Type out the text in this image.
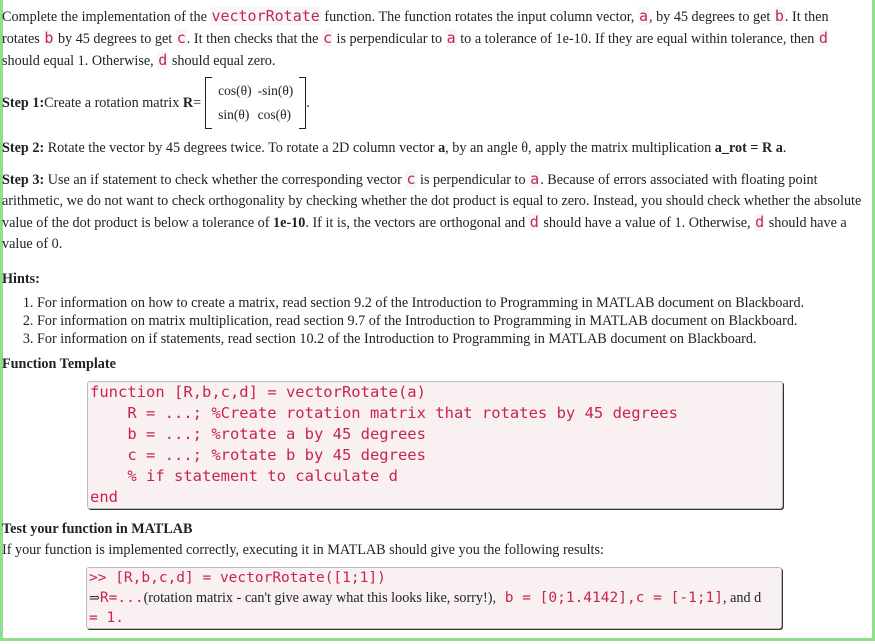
Complete the implementation of the vectorRotate function. The function rotates the input column vector, a, by 45 degrees to get b. It then rotates b by 45 degrees to get c. It then checks that the c is perpendicular to a to a tolerance of 1e-10. If they are equal within tolerance, then d should equal 1. Otherwise, d should equal zero.

Step 1: Create a rotation matrix
R =
cos(θ)	-sin(θ)
sin(θ)	cos(θ)
.

Step 2: Rotate the vector by 45 degrees twice. To rotate a 2D column vector a, by an angle θ, apply the matrix multiplication a_rot = R a.

Step 3: Use an if statement to check whether the corresponding vector c is perpendicular to a. Because of errors associated with floating point arithmetic, we do not want to check orthogonality by checking whether the dot product is equal to zero. Instead, you should check whether the absolute value of the dot product is below a tolerance of 1e-10. If it is, the vectors are orthogonal and d should have a value of 1. Otherwise, d should have a value of 0.

Hints:
1. For information on how to create a matrix, read section 9.2 of the Introduction to Programming in MATLAB document on Blackboard.
2. For information on matrix multiplication, read section 9.7 of the Introduction to Programming in MATLAB document on Blackboard.
3. For information on if statements, read section 10.2 of the Introduction to Programming in MATLAB document on Blackboard.
Function Template
function [R,b,c,d] = vectorRotate(a)
R = ...; %Create rotation matrix that rotates by 45 degrees
b = ...; %rotate a by 45 degrees
c = ...; %rotate b by 45 degrees
% if statement to calculate d
end
Test your function in MATLAB

If your function is implemented correctly, executing it in MATLAB should give you the following results:

>> [R,b,c,d] = vectorRotate([1;1])
⇒R=...(rotation matrix - can't give away what this looks like, sorry!), b = [0;1.4142],c = [-1;1], and d
= 1.
